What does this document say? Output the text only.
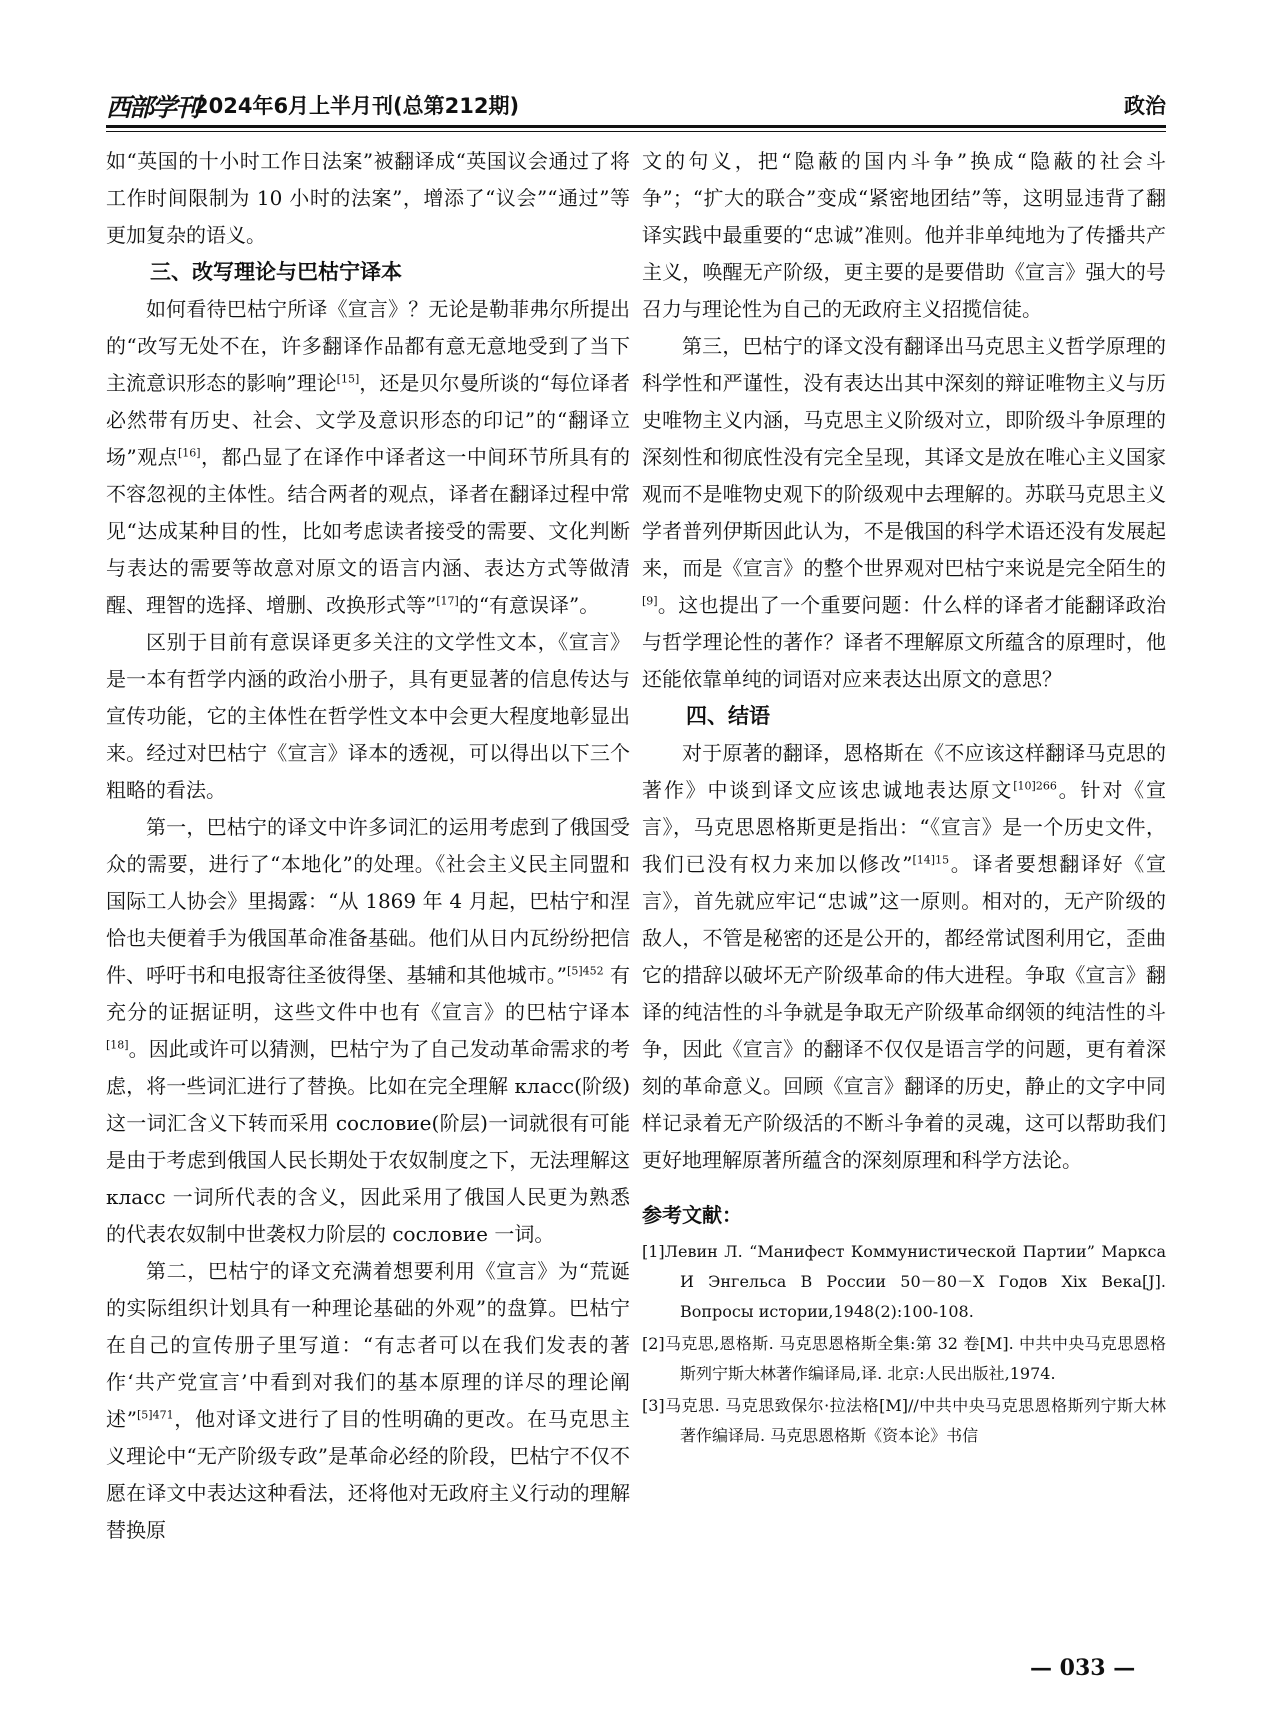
西部学刊
2024年6月上半月刊(总第212期)	政治

如“英国的十小时工作日法案”被翻译成“英国议会通过了将工作时间限制为 10 小时的法案”，增添了“议会”“通过”等更加复杂的语义。

三、改写理论与巴枯宁译本

如何看待巴枯宁所译《宣言》？无论是勒菲弗尔所提出的“改写无处不在，许多翻译作品都有意无意地受到了当下主流意识形态的影响”理论[15]，还是贝尔曼所谈的“每位译者必然带有历史、社会、文学及意识形态的印记”的“翻译立场”观点[16]，都凸显了在译作中译者这一中间环节所具有的不容忽视的主体性。结合两者的观点，译者在翻译过程中常见“达成某种目的性，比如考虑读者接受的需要、文化判断与表达的需要等故意对原文的语言内涵、表达方式等做清醒、理智的选择、增删、改换形式等”[17]的“有意误译”。

区别于目前有意误译更多关注的文学性文本，《宣言》是一本有哲学内涵的政治小册子，具有更显著的信息传达与宣传功能，它的主体性在哲学性文本中会更大程度地彰显出来。经过对巴枯宁《宣言》译本的透视，可以得出以下三个粗略的看法。

第一，巴枯宁的译文中许多词汇的运用考虑到了俄国受众的需要，进行了“本地化”的处理。《社会主义民主同盟和国际工人协会》里揭露：“从 1869 年 4 月起，巴枯宁和涅恰也夫便着手为俄国革命准备基础。他们从日内瓦纷纷把信件、呼吁书和电报寄往圣彼得堡、基辅和其他城市。”$^{[5]452}$ 有充分的证据证明，这些文件中也有《宣言》的巴枯宁译本[18]。因此或许可以猜测，巴枯宁为了自己发动革命需求的考虑，将一些词汇进行了替换。比如在完全理解 класс(阶级)这一词汇含义下转而采用 сословие(阶层)一词就很有可能是由于考虑到俄国人民长期处于农奴制度之下，无法理解这 класс 一词所代表的含义，因此采用了俄国人民更为熟悉的代表农奴制中世袭权力阶层的 сословие 一词。

第二，巴枯宁的译文充满着想要利用《宣言》为“荒诞的实际组织计划具有一种理论基础的外观”的盘算。巴枯宁在自己的宣传册子里写道：“有志者可以在我们发表的著作‘共产党宣言’中看到对我们的基本原理的详尽的理论阐述”$^{[5]471}$，他对译文进行了目的性明确的更改。在马克思主义理论中“无产阶级专政”是革命必经的阶段，巴枯宁不仅不愿在译文中表达这种看法，还将他对无政府主义行动的理解替换原

文的句义，把“隐蔽的国内斗争”换成“隐蔽的社会斗争”；“扩大的联合”变成“紧密地团结”等，这明显违背了翻译实践中最重要的“忠诚”准则。他并非单纯地为了传播共产主义，唤醒无产阶级，更主要的是要借助《宣言》强大的号召力与理论性为自己的无政府主义招揽信徒。

第三，巴枯宁的译文没有翻译出马克思主义哲学原理的科学性和严谨性，没有表达出其中深刻的辩证唯物主义与历史唯物主义内涵，马克思主义阶级对立，即阶级斗争原理的深刻性和彻底性没有完全呈现，其译文是放在唯心主义国家观而不是唯物史观下的阶级观中去理解的。苏联马克思主义学者普列伊斯因此认为，不是俄国的科学术语还没有发展起来，而是《宣言》的整个世界观对巴枯宁来说是完全陌生的[9]。这也提出了一个重要问题：什么样的译者才能翻译政治与哲学理论性的著作？译者不理解原文所蕴含的原理时，他还能依靠单纯的词语对应来表达出原文的意思？

四、结语

对于原著的翻译，恩格斯在《不应该这样翻译马克思的著作》中谈到译文应该忠诚地表达原文$^{[10]266}$。针对《宣言》，马克思恩格斯更是指出：“《宣言》是一个历史文件，我们已没有权力来加以修改”$^{[14]15}$。译者要想翻译好《宣言》，首先就应牢记“忠诚”这一原则。相对的，无产阶级的敌人，不管是秘密的还是公开的，都经常试图利用它，歪曲它的措辞以破坏无产阶级革命的伟大进程。争取《宣言》翻译的纯洁性的斗争就是争取无产阶级革命纲领的纯洁性的斗争，因此《宣言》的翻译不仅仅是语言学的问题，更有着深刻的革命意义。回顾《宣言》翻译的历史，静止的文字中同样记录着无产阶级活的不断斗争着的灵魂，这可以帮助我们更好地理解原著所蕴含的深刻原理和科学方法论。

参考文献：
[1]Левин Л. “Манифест Коммунистической Партии” Маркса И Энгельса В России 50－80－Х Годов Xix Века[J]. Вопросы истории,1948(2):100-108.
[2]马克思,恩格斯. 马克思恩格斯全集:第 32 卷[M]. 中共中央马克思恩格斯列宁斯大林著作编译局,译. 北京:人民出版社,1974.
[3]马克思. 马克思致保尔·拉法格[M]//中共中央马克思恩格斯列宁斯大林著作编译局. 马克思恩格斯《资本论》书信
— 033 —
